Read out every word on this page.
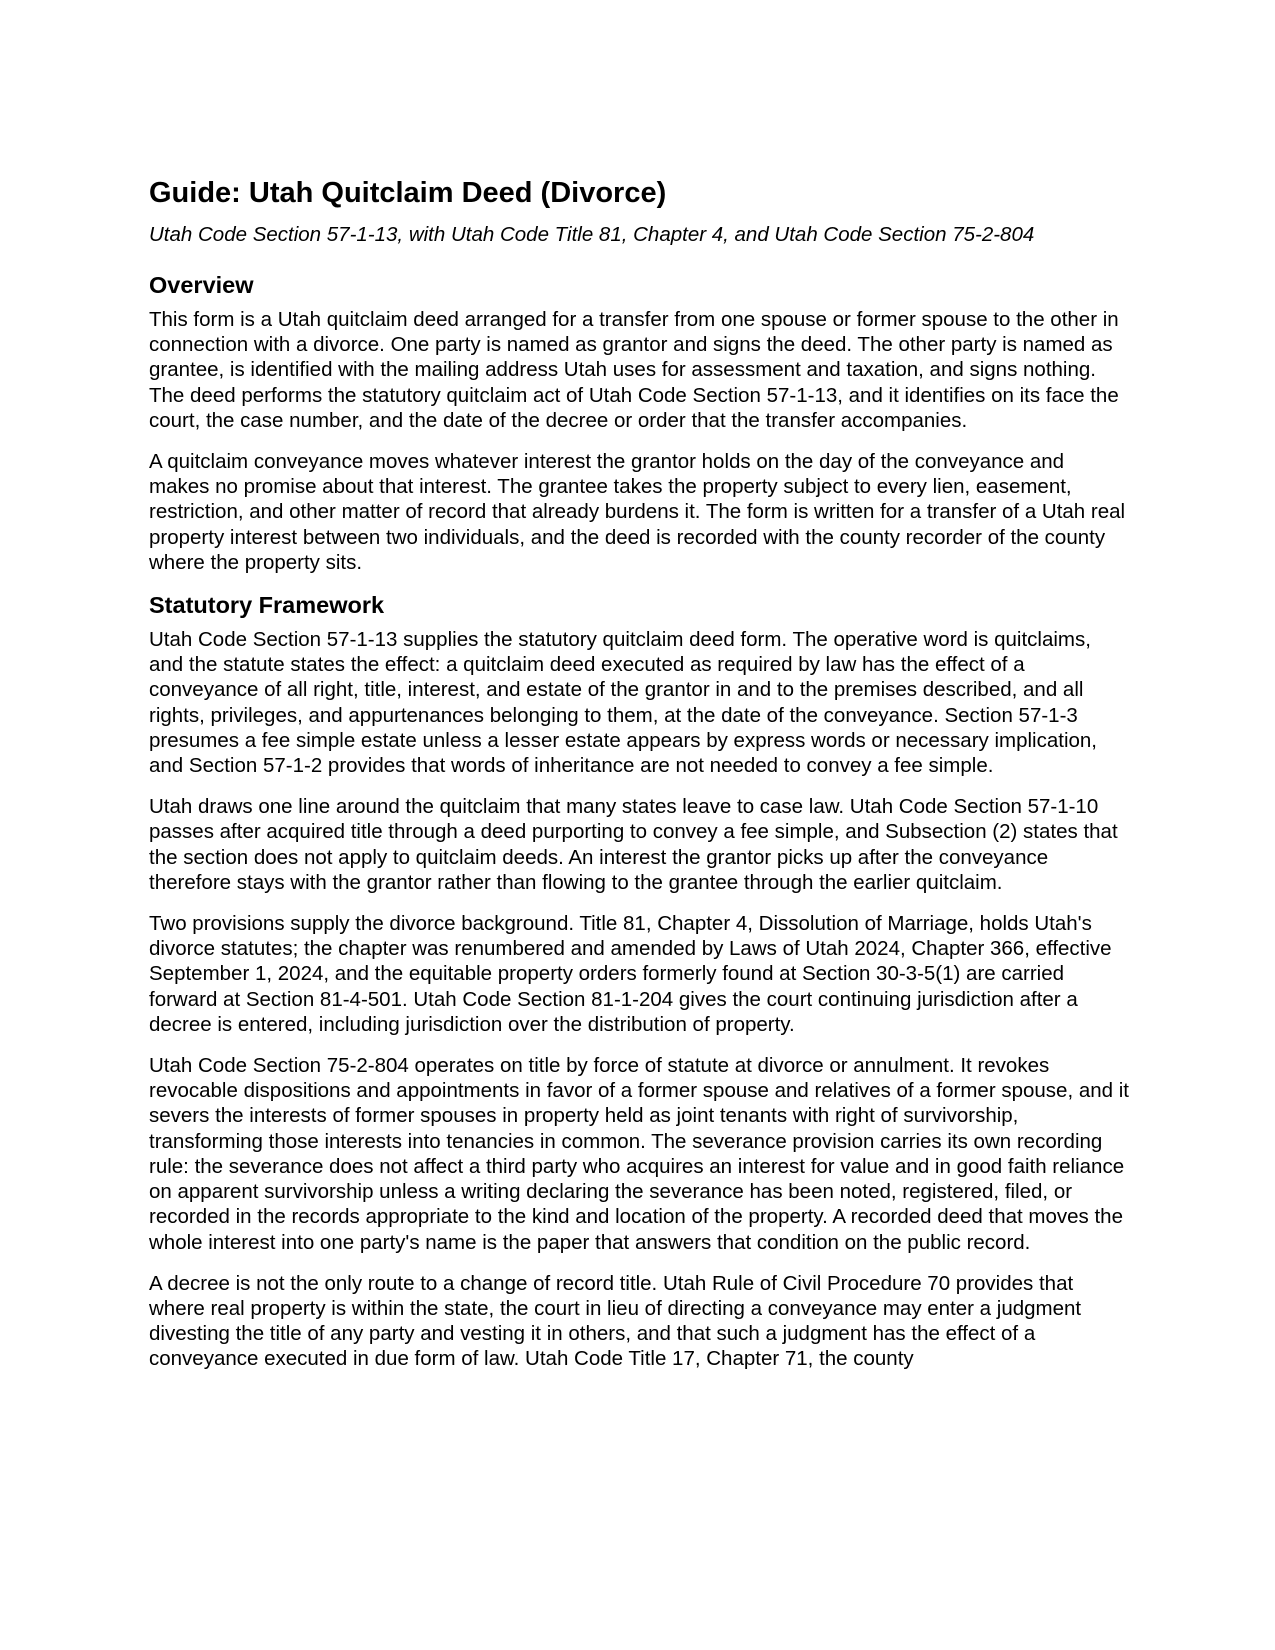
Guide: Utah Quitclaim Deed (Divorce)
Utah Code Section 57-1-13, with Utah Code Title 81, Chapter 4, and Utah Code Section 75-2-804
Overview

This form is a Utah quitclaim deed arranged for a transfer from one spouse or former spouse to the other in connection with a divorce. One party is named as grantor and signs the deed. The other party is named as grantee, is identified with the mailing address Utah uses for assessment and taxation, and signs nothing. The deed performs the statutory quitclaim act of Utah Code Section 57-1-13, and it identifies on its face the court, the case number, and the date of the decree or order that the transfer accompanies.

A quitclaim conveyance moves whatever interest the grantor holds on the day of the conveyance and makes no promise about that interest. The grantee takes the property subject to every lien, easement, restriction, and other matter of record that already burdens it. The form is written for a transfer of a Utah real property interest between two individuals, and the deed is recorded with the county recorder of the county where the property sits.

Statutory Framework

Utah Code Section 57-1-13 supplies the statutory quitclaim deed form. The operative word is quitclaims, and the statute states the effect: a quitclaim deed executed as required by law has the effect of a conveyance of all right, title, interest, and estate of the grantor in and to the premises described, and all rights, privileges, and appurtenances belonging to them, at the date of the conveyance. Section 57-1-3 presumes a fee simple estate unless a lesser estate appears by express words or necessary implication, and Section 57-1-2 provides that words of inheritance are not needed to convey a fee simple.

Utah draws one line around the quitclaim that many states leave to case law. Utah Code Section 57-1-10 passes after acquired title through a deed purporting to convey a fee simple, and Subsection (2) states that the section does not apply to quitclaim deeds. An interest the grantor picks up after the conveyance therefore stays with the grantor rather than flowing to the grantee through the earlier quitclaim.

Two provisions supply the divorce background. Title 81, Chapter 4, Dissolution of Marriage, holds Utah's divorce statutes; the chapter was renumbered and amended by Laws of Utah 2024, Chapter 366, effective September 1, 2024, and the equitable property orders formerly found at Section 30-3-5(1) are carried forward at Section 81-4-501. Utah Code Section 81-1-204 gives the court continuing jurisdiction after a decree is entered, including jurisdiction over the distribution of property.

Utah Code Section 75-2-804 operates on title by force of statute at divorce or annulment. It revokes revocable dispositions and appointments in favor of a former spouse and relatives of a former spouse, and it severs the interests of former spouses in property held as joint tenants with right of survivorship, transforming those interests into tenancies in common. The severance provision carries its own recording rule: the severance does not affect a third party who acquires an interest for value and in good faith reliance on apparent survivorship unless a writing declaring the severance has been noted, registered, filed, or recorded in the records appropriate to the kind and location of the property. A recorded deed that moves the whole interest into one party's name is the paper that answers that condition on the public record.

A decree is not the only route to a change of record title. Utah Rule of Civil Procedure 70 provides that where real property is within the state, the court in lieu of directing a conveyance may enter a judgment divesting the title of any party and vesting it in others, and that such a judgment has the effect of a conveyance executed in due form of law. Utah Code Title 17, Chapter 71, the county
